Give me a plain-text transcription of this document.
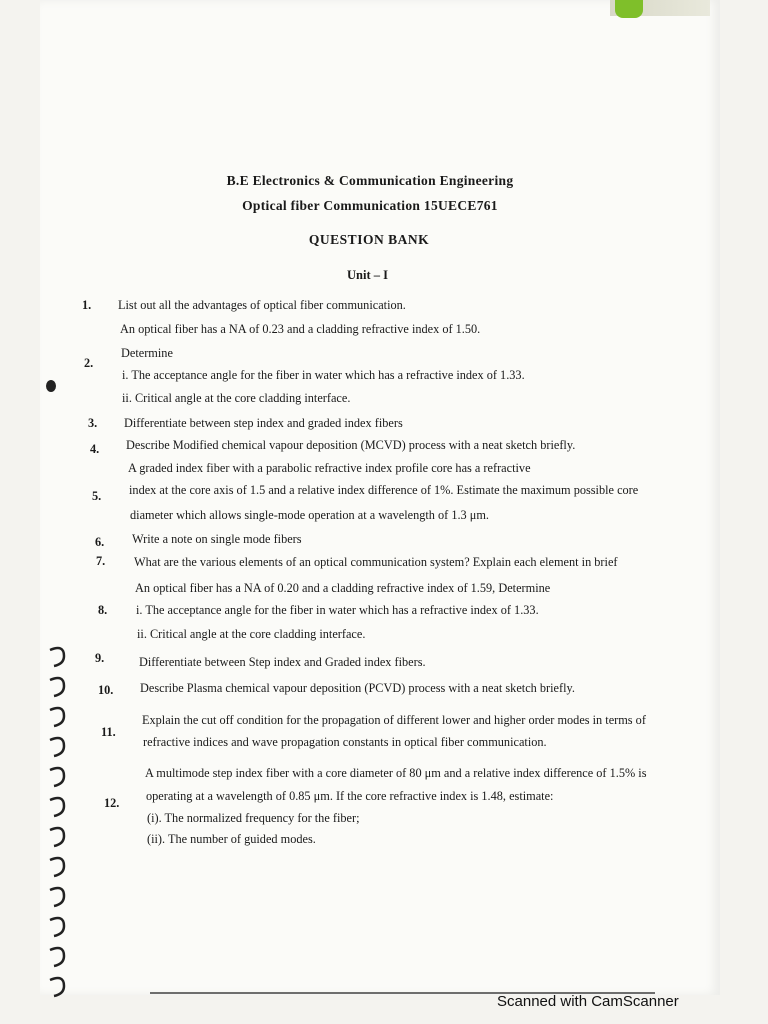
B.E Electronics & Communication Engineering
Optical fiber Communication 15UECE761
QUESTION BANK
Unit – I
1.
2.
3.
4.
5.
6.
7.
8.
9.
10.
11.
12.
List out all the advantages of optical fiber communication.
An optical fiber has a NA of 0.23 and a cladding refractive index of 1.50.
Determine
i. The acceptance angle for the fiber in water which has a refractive index of 1.33.
ii. Critical angle at the core cladding interface.
Differentiate between step index and graded index fibers
Describe Modified chemical vapour deposition (MCVD) process with a neat sketch briefly.
A graded index fiber with a parabolic refractive index profile core has a refractive
index at the core axis of 1.5 and a relative index difference of 1%. Estimate the maximum possible core
diameter which allows single-mode operation at a wavelength of 1.3 μm.
Write a note on single mode fibers
What are the various elements of an optical communication system? Explain each element in brief
An optical fiber has a NA of 0.20 and a cladding refractive index of 1.59, Determine
i. The acceptance angle for the fiber in water which has a refractive index of 1.33.
ii. Critical angle at the core cladding interface.
Differentiate between Step index and Graded index fibers.
Describe Plasma chemical vapour deposition (PCVD) process with a neat sketch briefly.
Explain the cut off condition for the propagation of different lower and higher order modes in terms of
refractive indices and wave propagation constants in optical fiber communication.
A multimode step index fiber with a core diameter of 80 μm and a relative index difference of 1.5% is
operating at a wavelength of 0.85 μm. If the core refractive index is 1.48, estimate:
(i). The normalized frequency for the fiber;
(ii). The number of guided modes.
Scanned with CamScanner
